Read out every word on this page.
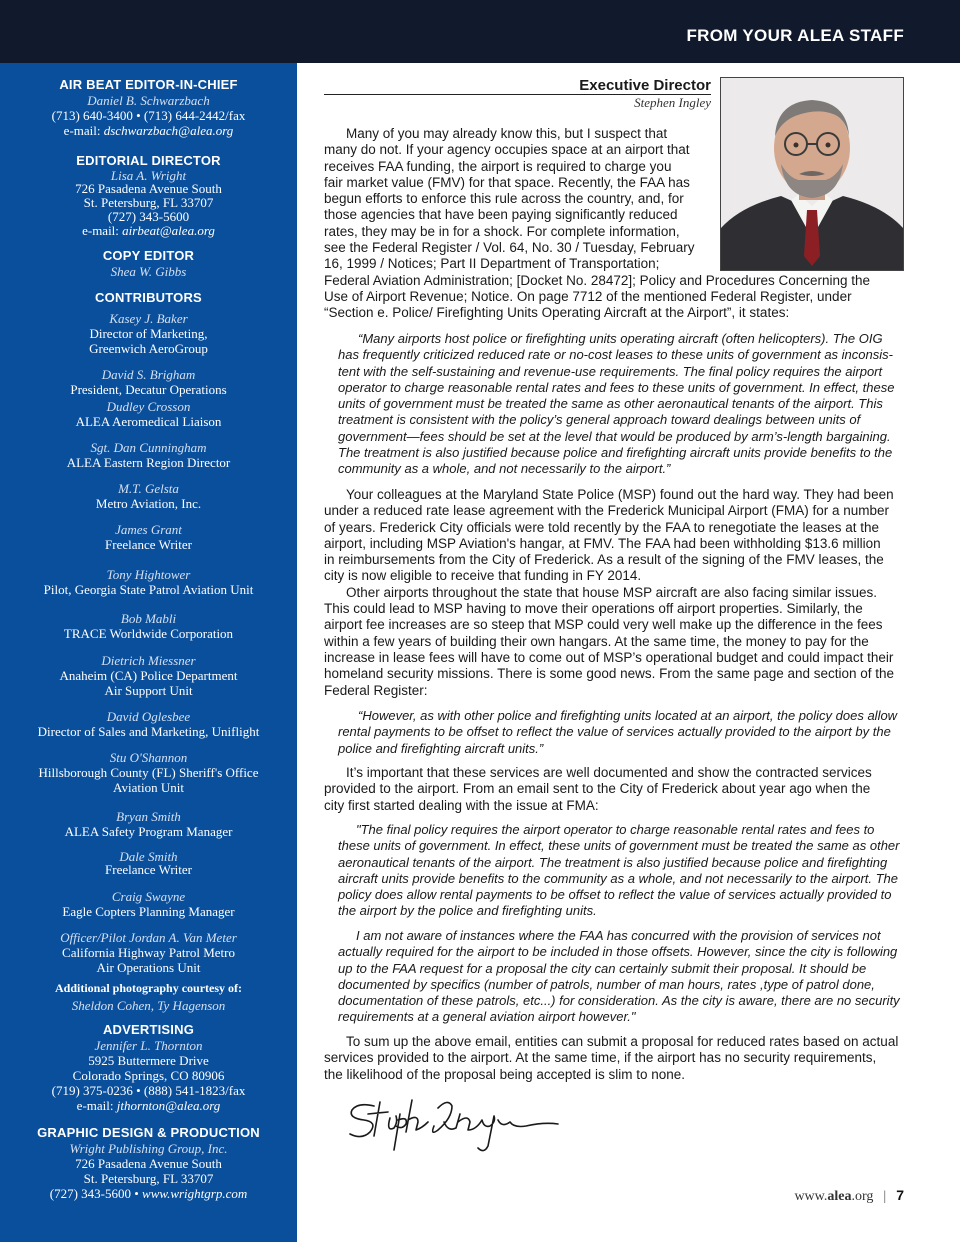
FROM YOUR ALEA STAFF
AIR BEAT EDITOR-IN-CHIEF
Daniel B. Schwarzbach
(713) 640-3400 • (713) 644-2442/fax
e-mail: dschwarzbach@alea.org
EDITORIAL DIRECTOR
Lisa A. Wright
726 Pasadena Avenue South
St. Petersburg, FL 33707
(727) 343-5600
e-mail: airbeat@alea.org
COPY EDITOR
Shea W. Gibbs
CONTRIBUTORS
Kasey J. Baker
Director of Marketing,
Greenwich AeroGroup
David S. Brigham
President, Decatur Operations
Dudley Crosson
ALEA Aeromedical Liaison
Sgt. Dan Cunningham
ALEA Eastern Region Director
M.T. Gelsta
Metro Aviation, Inc.
James Grant
Freelance Writer
Tony Hightower
Pilot, Georgia State Patrol Aviation Unit
Bob Mabli
TRACE Worldwide Corporation
Dietrich Miessner
Anaheim (CA) Police Department
Air Support Unit
David Oglesbee
Director of Sales and Marketing, Uniflight
Stu O'Shannon
Hillsborough County (FL) Sheriff's Office
Aviation Unit
Bryan Smith
ALEA Safety Program Manager
Dale Smith
Freelance Writer
Craig Swayne
Eagle Copters Planning Manager
Officer/Pilot Jordan A. Van Meter
California Highway Patrol Metro
Air Operations Unit
Additional photography courtesy of:
Sheldon Cohen, Ty Hagenson
ADVERTISING
Jennifer L. Thornton
5925 Buttermere Drive
Colorado Springs, CO 80906
(719) 375-0236 • (888) 541-1823/fax
e-mail: jthornton@alea.org
GRAPHIC DESIGN & PRODUCTION
Wright Publishing Group, Inc.
726 Pasadena Avenue South
St. Petersburg, FL 33707
(727) 343-5600 • www.wrightgrp.com
Executive Director
Stephen Ingley
Many of you may already know this, but I suspect that
many do not. If your agency occupies space at an airport that
receives FAA funding, the airport is required to charge you
fair market value (FMV) for that space. Recently, the FAA has
begun efforts to enforce this rule across the country, and, for
those agencies that have been paying significantly reduced
rates, they may be in for a shock. For complete information,
see the Federal Register / Vol. 64, No. 30 / Tuesday, February
16, 1999 / Notices; Part II Department of Transportation;
Federal Aviation Administration; [Docket No. 28472]; Policy and Procedures Concerning the
Use of Airport Revenue; Notice. On page 7712 of the mentioned Federal Register, under
“Section e. Police/ Firefighting Units Operating Aircraft at the Airport”, it states:
“Many airports host police or firefighting units operating aircraft (often helicopters). The OIG
has frequently criticized reduced rate or no-cost leases to these units of government as inconsis-
tent with the self-sustaining and revenue-use requirements. The final policy requires the airport
operator to charge reasonable rental rates and fees to these units of government. In effect, these
units of government must be treated the same as other aeronautical tenants of the airport. This
treatment is consistent with the policy’s general approach toward dealings between units of
government—fees should be set at the level that would be produced by arm’s-length bargaining.
The treatment is also justified because police and firefighting aircraft units provide benefits to the
community as a whole, and not necessarily to the airport.”
Your colleagues at the Maryland State Police (MSP) found out the hard way. They had been
under a reduced rate lease agreement with the Frederick Municipal Airport (FMA) for a number
of years. Frederick City officials were told recently by the FAA to renegotiate the leases at the
airport, including MSP Aviation's hangar, at FMV. The FAA had been withholding $13.6 million
in reimbursements from the City of Frederick. As a result of the signing of the FMV leases, the
city is now eligible to receive that funding in FY 2014.
Other airports throughout the state that house MSP aircraft are also facing similar issues.
This could lead to MSP having to move their operations off airport properties. Similarly, the
airport fee increases are so steep that MSP could very well make up the difference in the fees
within a few years of building their own hangars. At the same time, the money to pay for the
increase in lease fees will have to come out of MSP’s operational budget and could impact their
homeland security missions. There is some good news. From the same page and section of the
Federal Register:
“However, as with other police and firefighting units located at an airport, the policy does allow
rental payments to be offset to reflect the value of services actually provided to the airport by the
police and firefighting aircraft units.”
It’s important that these services are well documented and show the contracted services
provided to the airport. From an email sent to the City of Frederick about year ago when the
city first started dealing with the issue at FMA:
"The final policy requires the airport operator to charge reasonable rental rates and fees to
these units of government. In effect, these units of government must be treated the same as other
aeronautical tenants of the airport. The treatment is also justified because police and firefighting
aircraft units provide benefits to the community as a whole, and not necessarily to the airport. The
policy does allow rental payments to be offset to reflect the value of services actually provided to
the airport by the police and firefighting units.
I am not aware of instances where the FAA has concurred with the provision of services not
actually required for the airport to be included in those offsets. However, since the city is following
up to the FAA request for a proposal the city can certainly submit their proposal. It should be
documented by specifics (number of patrols, number of man hours, rates ,type of patrol done,
documentation of these patrols, etc...) for consideration. As the city is aware, there are no security
requirements at a general aviation airport however."
To sum up the above email, entities can submit a proposal for reduced rates based on actual
services provided to the airport. At the same time, if the airport has no security requirements,
the likelihood of the proposal being accepted is slim to none.
www.alea.org | 7
